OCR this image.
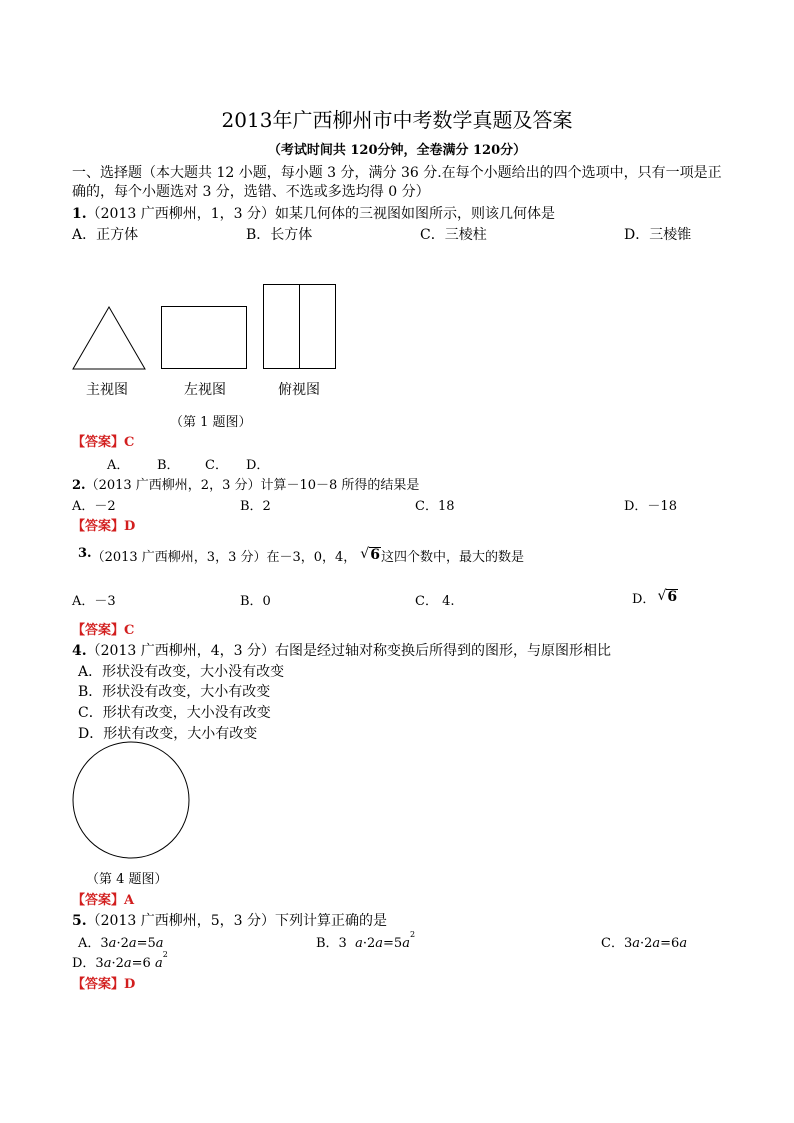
2013年广西柳州市中考数学真题及答案
（考试时间共 120分钟，全卷满分 120分）
一、选择题（本大题共 12 小题，每小题 3 分，满分 36 分.在每个小题给出的四个选项中，只有一项是正
确的，每个小题选对 3 分，选错、不选或多选均得 0 分）
1.（2013 广西柳州，1，3 分）如某几何体的三视图如图所示，则该几何体是
A．正方体	B．长方体	C．三棱柱	D．三棱锥
主视图	左视图	俯视图
（第 1 题图）
【答案】C
A． B． C． D．
2.（2013 广西柳州，2，3 分）计算－10－8 所得的结果是
A．－2	B．2	C．18	D．－18
【答案】D
3. （2013 广西柳州，3，3 分）在－3，0，4， √ 6 这四个数中，最大的数是
A．－3	B．0	C． 4.	D． √ 6
【答案】C
4.（2013 广西柳州，4，3 分）右图是经过轴对称变换后所得到的图形，与原图形相比
A．形状没有改变，大小没有改变
B．形状没有改变，大小有改变
C．形状有改变，大小没有改变
D．形状有改变，大小有改变
（第 4 题图）
【答案】A
5.（2013 广西柳州，5，3 分）下列计算正确的是
A．3a·2a=5a	B．3 $a\cdot 2a=5a^2$
C．3a·2a=6a
D．3a·2a=6 $a^2$
【答案】D
